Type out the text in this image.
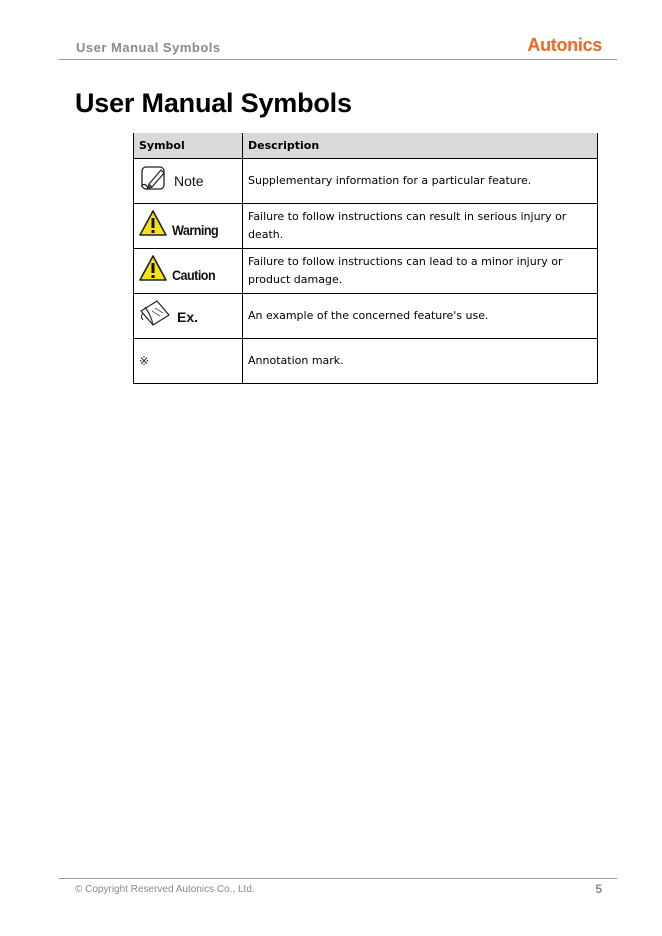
User Manual Symbols	Autonics
User Manual Symbols
Symbol	Description

Note	Supplementary information for a particular feature.

Warning	Failure to follow instructions can result in serious injury or death.

Caution	Failure to follow instructions can lead to a minor injury or product damage.

Ex.	An example of the concerned feature's use.
※	Annotation mark.
© Copyright Reserved Autonics Co., Ltd.	5
